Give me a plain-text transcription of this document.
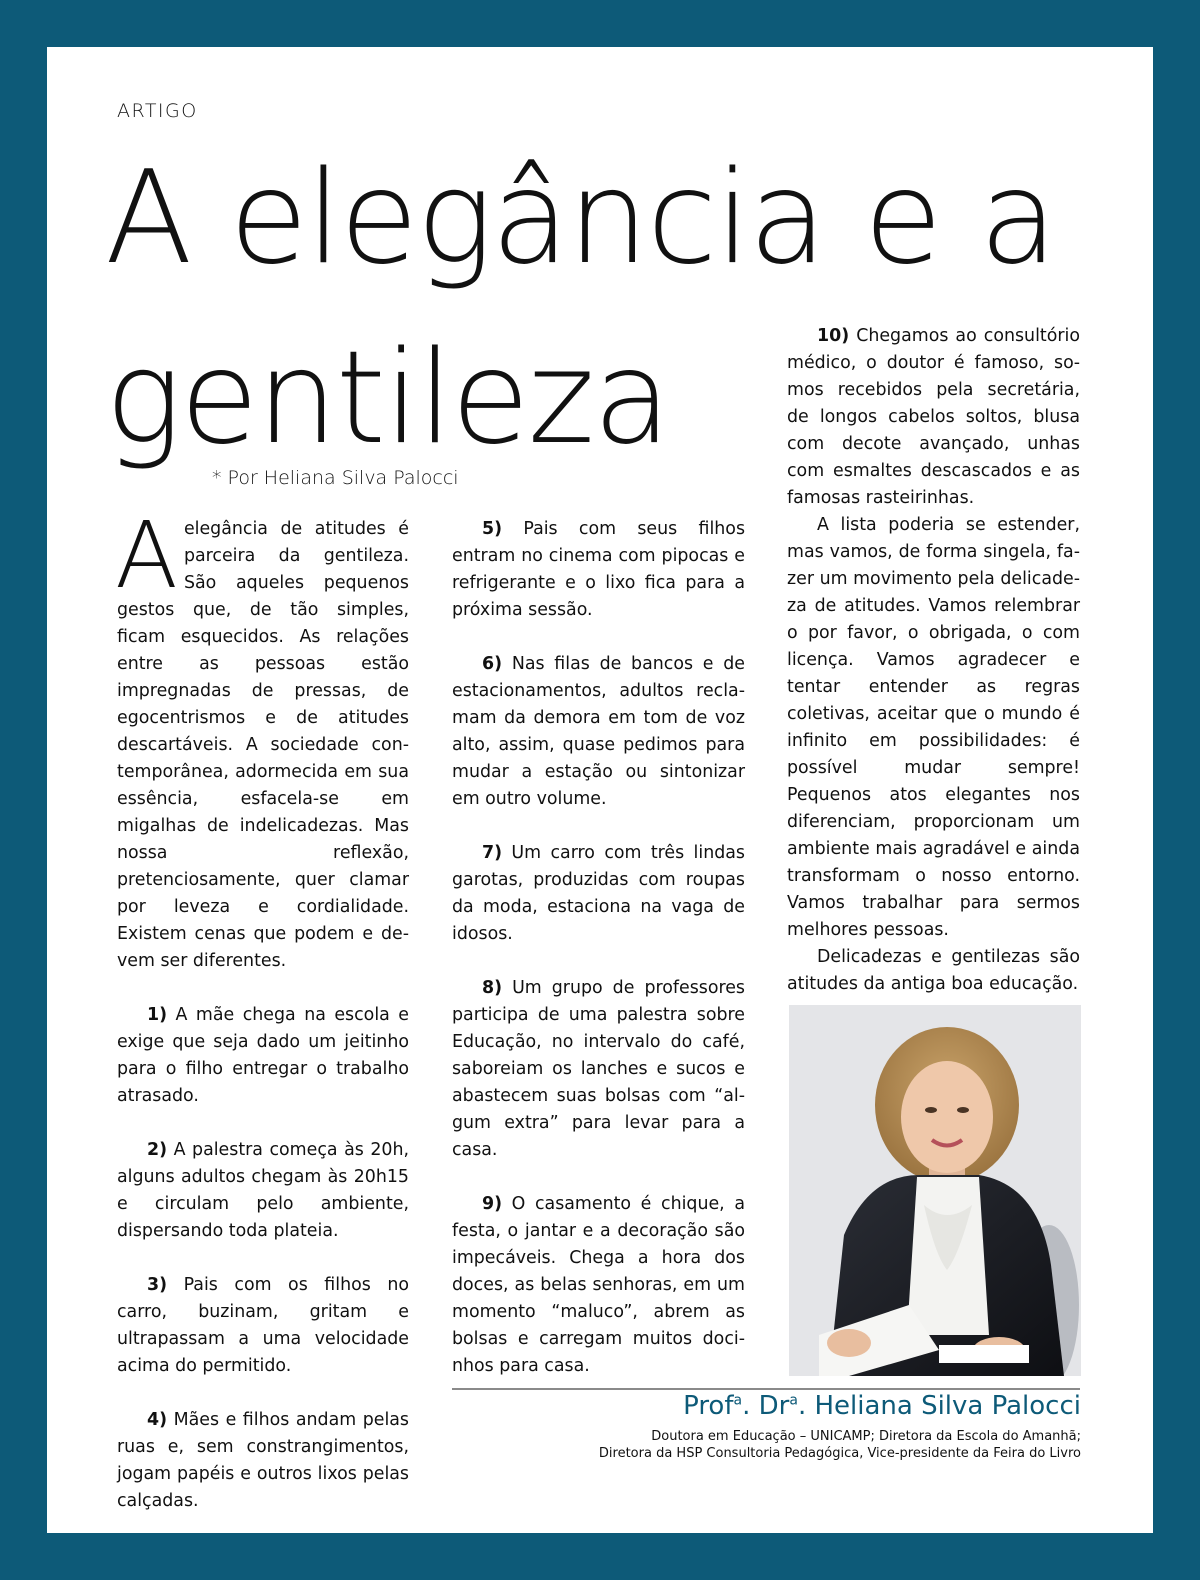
ARTIGO
A elegância e a
gentileza
* Por Heliana Silva Palocci

Aelegância de atitudes é parceira da gentileza. São aqueles pequenos gestos que, de tão simples, ficam esquecidos. As relações entre as pessoas estão impregnadas de pressas, de egocentrismos e de atitudes descartáveis. A sociedade contemporânea, adormecida em sua essência, esfacela-se em migalhas de indelicadezas. Mas nossa reflexão, pretenciosamente, quer clamar por leveza e cordialidade. Existem cenas que podem e devem ser diferentes.

1) A mãe chega na escola e exige que seja dado um jeitinho para o filho entregar o trabalho atrasado.

2) A palestra começa às 20h, alguns adultos chegam às 20h15 e circulam pelo ambiente, dispersando toda plateia.

3) Pais com os filhos no carro, buzinam, gritam e ultrapassam a uma velocidade acima do permitido.

4) Mães e filhos andam pelas ruas e, sem constrangimentos, jogam papéis e outros lixos pelas calçadas.

5) Pais com seus filhos entram no cinema com pipocas e refrigerante e o lixo fica para a próxima sessão.

6) Nas filas de bancos e de estacionamentos, adultos reclamam da demora em tom de voz alto, assim, quase pedimos para mudar a estação ou sintonizar em outro volume.

7) Um carro com três lindas garotas, produzidas com roupas da moda, estaciona na vaga de idosos.

8) Um grupo de professores participa de uma palestra sobre Educação, no intervalo do café, saboreiam os lanches e sucos e abastecem suas bolsas com “algum extra” para levar para a casa.

9) O casamento é chique, a festa, o jantar e a decoração são impecáveis. Chega a hora dos doces, as belas senhoras, em um momento “maluco”, abrem as bolsas e carregam muitos docinhos para casa.

10) Chegamos ao consultório médico, o doutor é famoso, somos recebidos pela secretária, de longos cabelos soltos, blusa com decote avançado, unhas com esmaltes descascados e as famosas rasteirinhas.

A lista poderia se estender, mas vamos, de forma singela, fazer um movimento pela delicadeza de atitudes. Vamos relembrar o por favor, o obrigada, o com licença. Vamos agradecer e tentar entender as regras coletivas, aceitar que o mundo é infinito em possibilidades: é possível mudar sempre! Pequenos atos elegantes nos diferenciam, proporcionam um ambiente mais agradável e ainda transformam o nosso entorno. Vamos trabalhar para sermos melhores pessoas.

Delicadezas e gentilezas são atitudes da antiga boa educação.

Prof$^a$. Dr$^a$. Heliana Silva Palocci
Doutora em Educação – UNICAMP; Diretora da Escola do Amanhã;
Diretora da HSP Consultoria Pedagógica, Vice-presidente da Feira do Livro
